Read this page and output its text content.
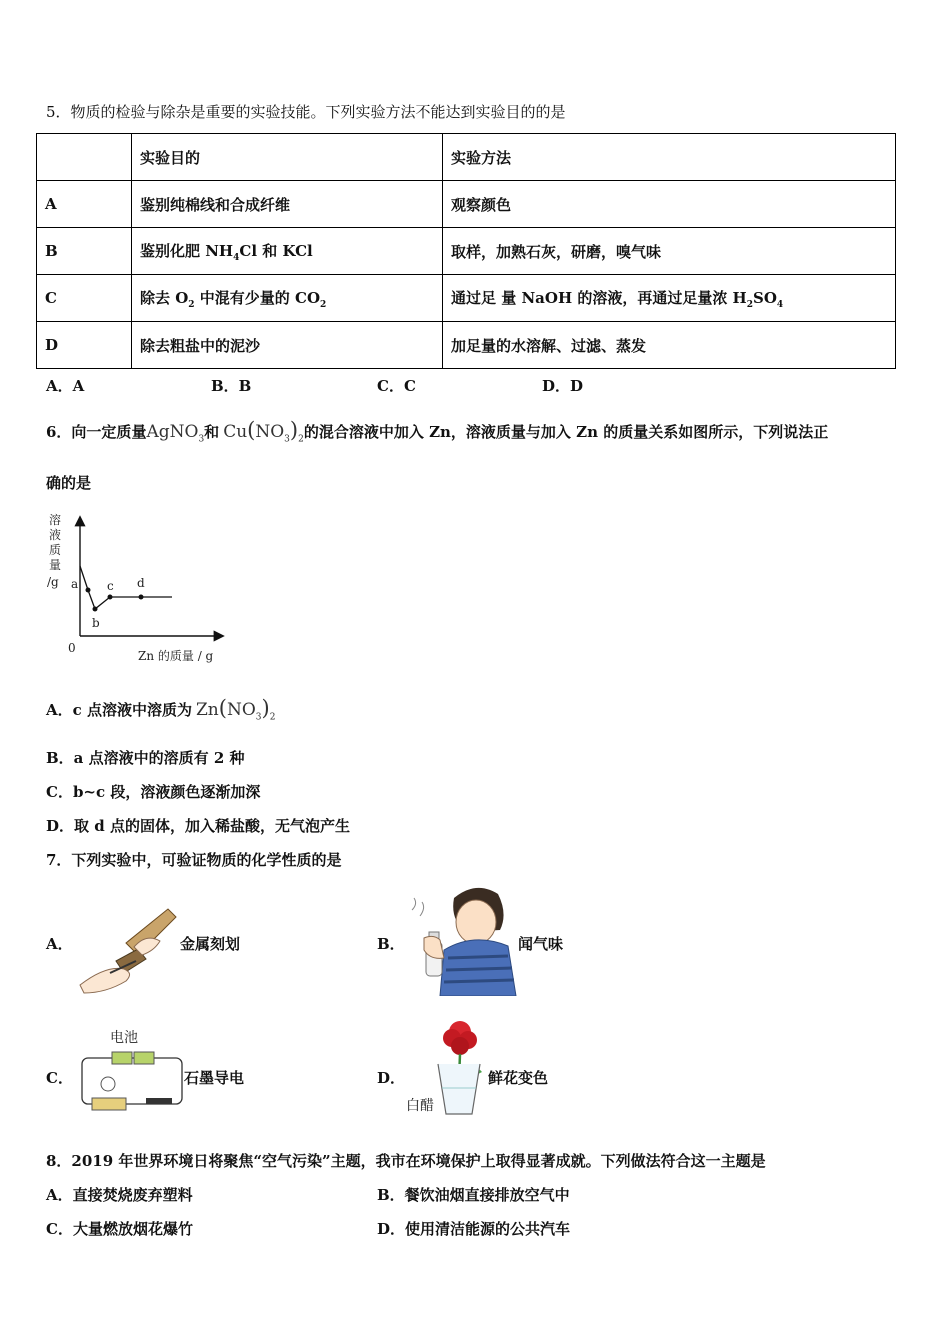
5．物质的检验与除杂是重要的实验技能。下列实验方法不能达到实验目的的是
	实验目的	实验方法
A	鉴别纯棉线和合成纤维	观察颜色
B	鉴别化肥 $NH_4Cl$ 和 KCl	取样，加熟石灰，研磨，嗅气味
C	除去 $O_2$ 中混有少量的 $CO_2$	通过足 量 NaOH 的溶液，再通过足量浓 $H_2SO_4$
D	除去粗盐中的泥沙	加足量的水溶解、过滤、蒸发
A．A	B．B	C．C	D．D
6．向一定质量AgNO$_3$和 $Cu(NO_3)_2$的混合溶液中加入 Zn，溶液质量与加入 Zn 的质量关系如图所示，下列说法正
确的是
溶
液
质
量
/g a
b
c d
0
Zn 的质量 / g
A．c 点溶液中溶质为 $Zn(NO_3)_2$
B．a 点溶液中的溶质有 2 种
C．b~c 段，溶液颜色逐渐加深
D．取 d 点的固体，加入稀盐酸，无气泡产生
7．下列实验中，可验证物质的化学性质的是
A．	金属刻划	B．	闻气味
C．
电池
石墨导电	D．
白醋
鲜花变色
8．2019 年世界环境日将聚焦“空气污染”主题，我市在环境保护上取得显著成就。下列做法符合这一主题是
A．直接焚烧废弃塑料	B．餐饮油烟直接排放空气中
C．大量燃放烟花爆竹	D．使用清洁能源的公共汽车
